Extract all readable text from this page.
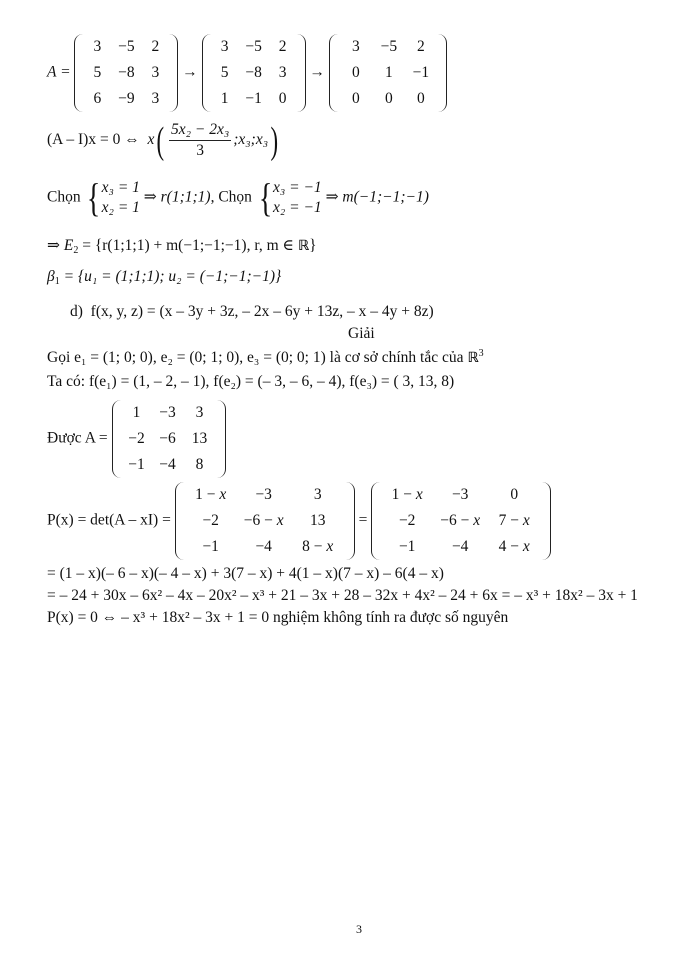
A =
3	−5	2
5	−8	3
6	−9	3
→
3	−5	2
5	−8	3
1	−1	0
→
3	−5	2
0	1	−1
0	0	0
(A – I)x = 0 ⇔ $x( \frac{\text{5x₂ − 2x₃}}{3}$ ;x₃;x₃)
Chọn { x₃ = 1
x₂ = 1
⇒ r(1;1;1), Chọn { x₃ = −1
x₂ = −1
⇒ m(−1;−1;−1)
⇒ $E_2$ = {r(1;1;1) + m(−1;−1;−1), r, m ∈ ℝ}
$\beta_1 = \{u_1$ = (1;1;1); u₂ = (−1;−1;−1)}
d) f(x, y, z) = (x – 3y + 3z, – 2x – 6y + 13z, – x – 4y + 8z)
Giải
Gọi e₁ = (1; 0; 0), e₂ = (0; 1; 0), e₃ = (0; 0; 1) là cơ sở chính tắc của ℝ$^3$
Ta có: f(e₁) = (1, – 2, – 1), f(e₂) = (– 3, – 6, – 4), f(e₃) = ( 3, 13, 8)
Được A =
1	−3	3
−2 −6	13
−1 −4	8
P(x) = det(A – xI) =
1 − x	−3	3
−2	−6 − x	13
−1	−4	8 − x
=
1 − x	−3	0
−2	−6 − x	7 − x
−1	−4	4 − x
= (1 – x)(– 6 – x)(– 4 – x) + 3(7 – x) + 4(1 – x)(7 – x) – 6(4 – x)
= – 24 + 30x – 6x² – 4x – 20x² – x³ + 21 – 3x + 28 – 32x + 4x² – 24 + 6x = – x³ + 18x² – 3x + 1
P(x) = 0 ⇔ – x³ + 18x² – 3x + 1 = 0 nghiệm không tính ra được số nguyên
3
